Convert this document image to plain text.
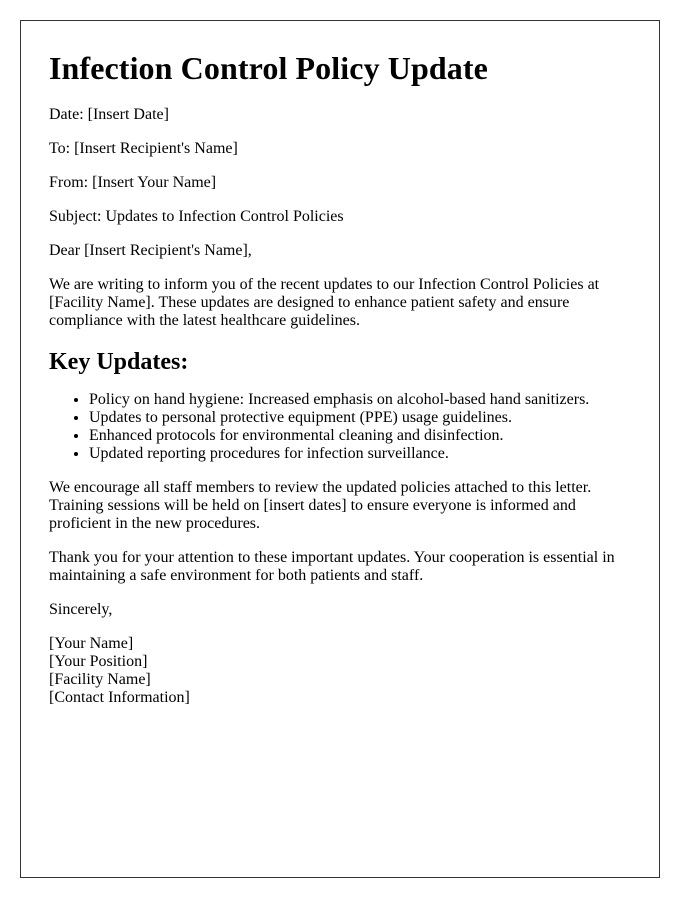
Infection Control Policy Update

Date: [Insert Date]

To: [Insert Recipient's Name]

From: [Insert Your Name]

Subject: Updates to Infection Control Policies

Dear [Insert Recipient's Name],

We are writing to inform you of the recent updates to our Infection Control Policies at [Facility Name]. These updates are designed to enhance patient safety and ensure compliance with the latest healthcare guidelines.

Key Updates:
• Policy on hand hygiene: Increased emphasis on alcohol-based hand sanitizers.
• Updates to personal protective equipment (PPE) usage guidelines.
• Enhanced protocols for environmental cleaning and disinfection.
• Updated reporting procedures for infection surveillance.

We encourage all staff members to review the updated policies attached to this letter. Training sessions will be held on [insert dates] to ensure everyone is informed and proficient in the new procedures.

Thank you for your attention to these important updates. Your cooperation is essential in maintaining a safe environment for both patients and staff.

Sincerely,

[Your Name]
[Your Position]
[Facility Name]
[Contact Information]
